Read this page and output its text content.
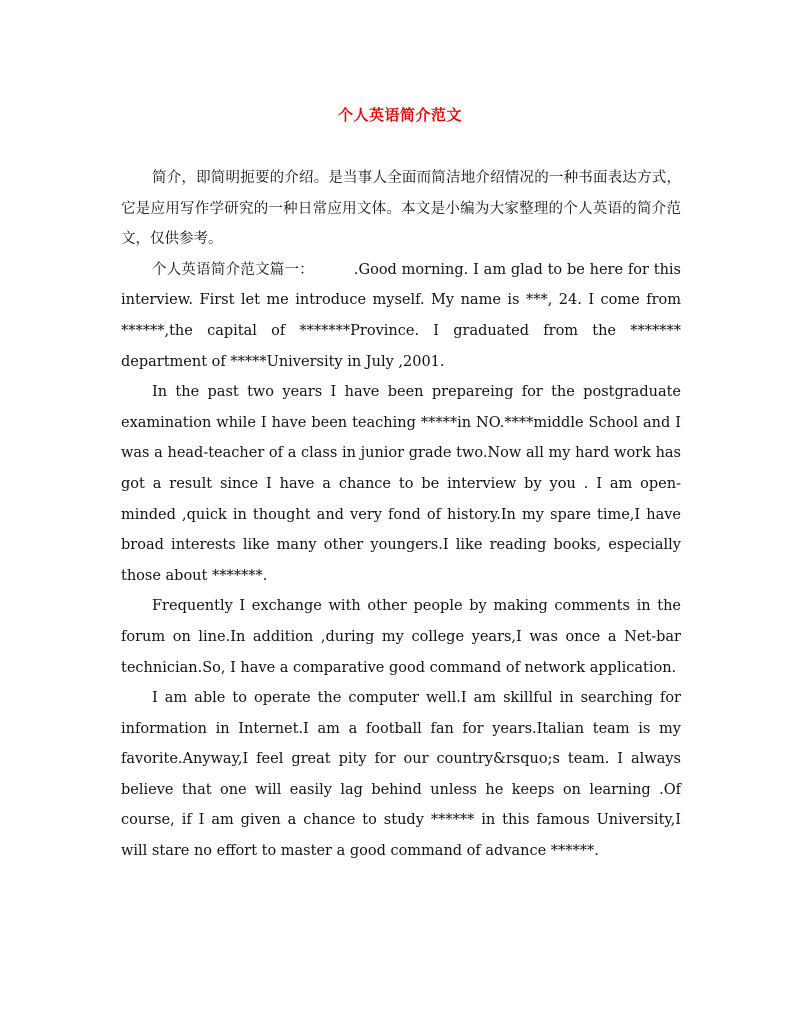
个人英语简介范文

简介，即简明扼要的介绍。是当事人全面而简洁地介绍情况的一种书面表达方式，它是应用写作学研究的一种日常应用文体。本文是小编为大家整理的个人英语的简介范文，仅供参考。

个人英语简介范文篇一：	.Good morning. I am glad to be here for this interview. First let me introduce myself. My name is ***, 24. I come from ******,the capital of *******Province. I graduated from the ******* department of *****University in July ,2001.

In the past two years I have been prepareing for the postgraduate examination while I have been teaching *****in NO.****middle School and I was a head-teacher of a class in junior grade two.Now all my hard work has got a result since I have a chance to be interview by you . I am open-minded ,quick in thought and very fond of history.In my spare time,I have broad interests like many other youngers.I like reading books, especially those about *******.

Frequently I exchange with other people by making comments in the forum on line.In addition ,during my college years,I was once a Net-bar technician.So, I have a comparative good command of network application.

I am able to operate the computer well.I am skillful in searching for information in Internet.I am a football fan for years.Italian team is my favorite.Anyway,I feel great pity for our country&rsquo;s team. I always believe that one will easily lag behind unless he keeps on learning .Of course, if I am given a chance to study ****** in this famous University,I will stare no effort to master a good command of advance ******.
